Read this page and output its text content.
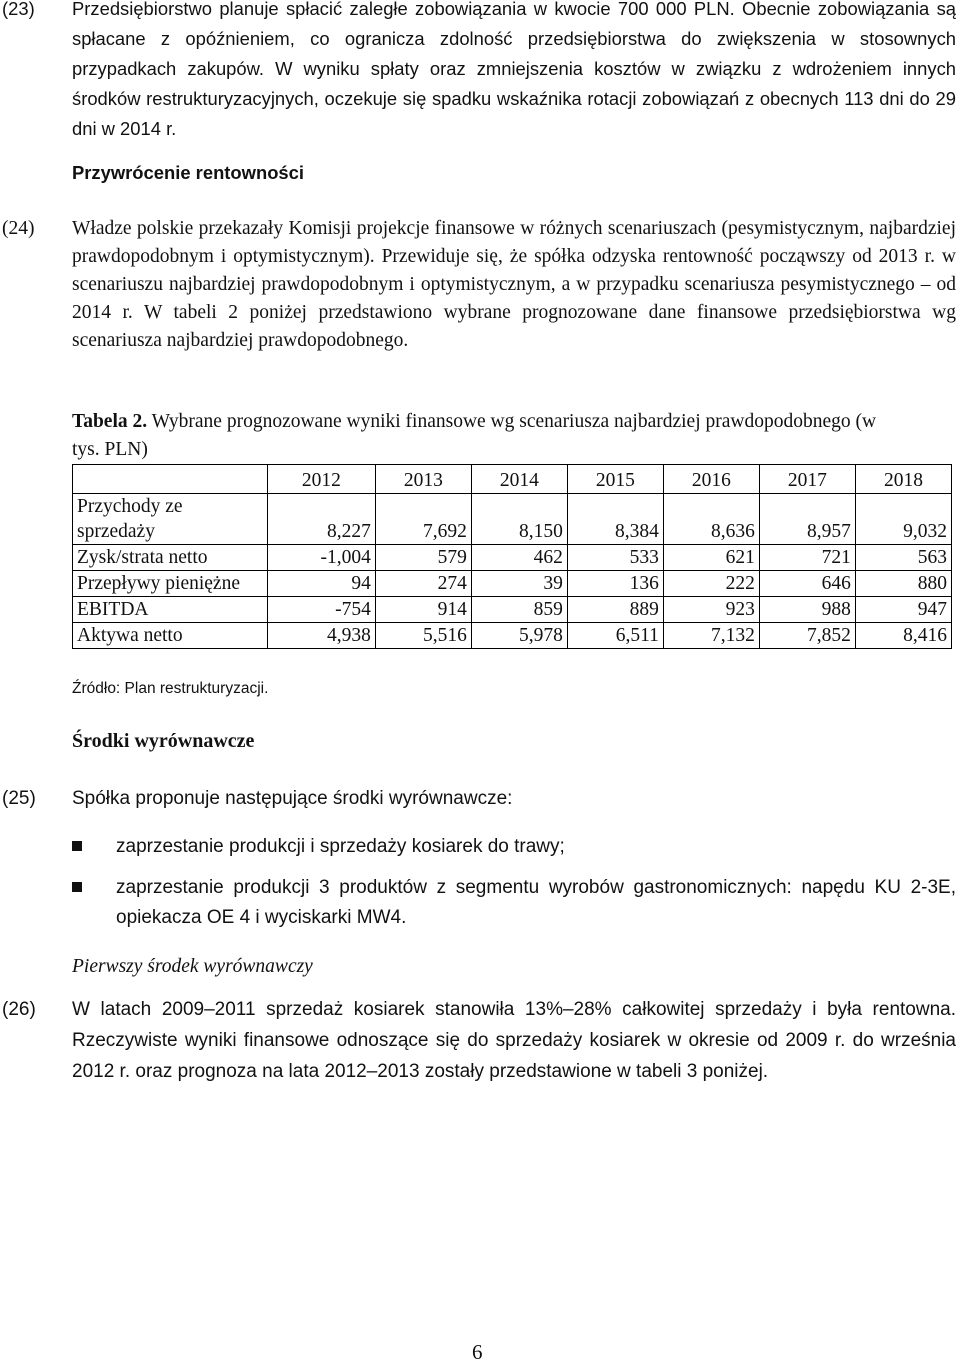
(23) Przedsiębiorstwo planuje spłacić zaległe zobowiązania w kwocie 700 000 PLN. Obecnie zobowiązania są spłacane z opóźnieniem, co ogranicza zdolność przedsiębiorstwa do zwiększenia w stosownych przypadkach zakupów. W wyniku spłaty oraz zmniejszenia kosztów w związku z wdrożeniem innych środków restrukturyzacyjnych, oczekuje się spadku wskaźnika rotacji zobowiązań z obecnych 113 dni do 29 dni w 2014 r.
Przywrócenie rentowności
(24) Władze polskie przekazały Komisji projekcje finansowe w różnych scenariuszach (pesymistycznym, najbardziej prawdopodobnym i optymistycznym). Przewiduje się, że spółka odzyska rentowność począwszy od 2013 r. w scenariuszu najbardziej prawdopodobnym i optymistycznym, a w przypadku scenariusza pesymistycznego – od 2014 r. W tabeli 2 poniżej przedstawiono wybrane prognozowane dane finansowe przedsiębiorstwa wg scenariusza najbardziej prawdopodobnego.
Tabela 2. Wybrane prognozowane wyniki finansowe wg scenariusza najbardziej prawdopodobnego (w tys. PLN)
	2012	2013	2014	2015	2016	2017	2018
Przychody ze sprzedaży	8,227	7,692	8,150	8,384	8,636	8,957	9,032
Zysk/strata netto	-1,004	579	462	533	621	721	563
Przepływy pieniężne	94	274	39	136	222	646	880
EBITDA	-754	914	859	889	923	988	947
Aktywa netto	4,938	5,516	5,978	6,511	7,132	7,852	8,416
Źródło: Plan restrukturyzacji.
Środki wyrównawcze
(25) Spółka proponuje następujące środki wyrównawcze:
zaprzestanie produkcji i sprzedaży kosiarek do trawy;
zaprzestanie produkcji 3 produktów z segmentu wyrobów gastronomicznych: napędu KU 2-3E, opiekacza OE 4 i wyciskarki MW4.
Pierwszy środek wyrównawczy
(26) W latach 2009–2011 sprzedaż kosiarek stanowiła 13%–28% całkowitej sprzedaży i była rentowna. Rzeczywiste wyniki finansowe odnoszące się do sprzedaży kosiarek w okresie od 2009 r. do września 2012 r. oraz prognoza na lata 2012–2013 zostały przedstawione w tabeli 3 poniżej.
6
